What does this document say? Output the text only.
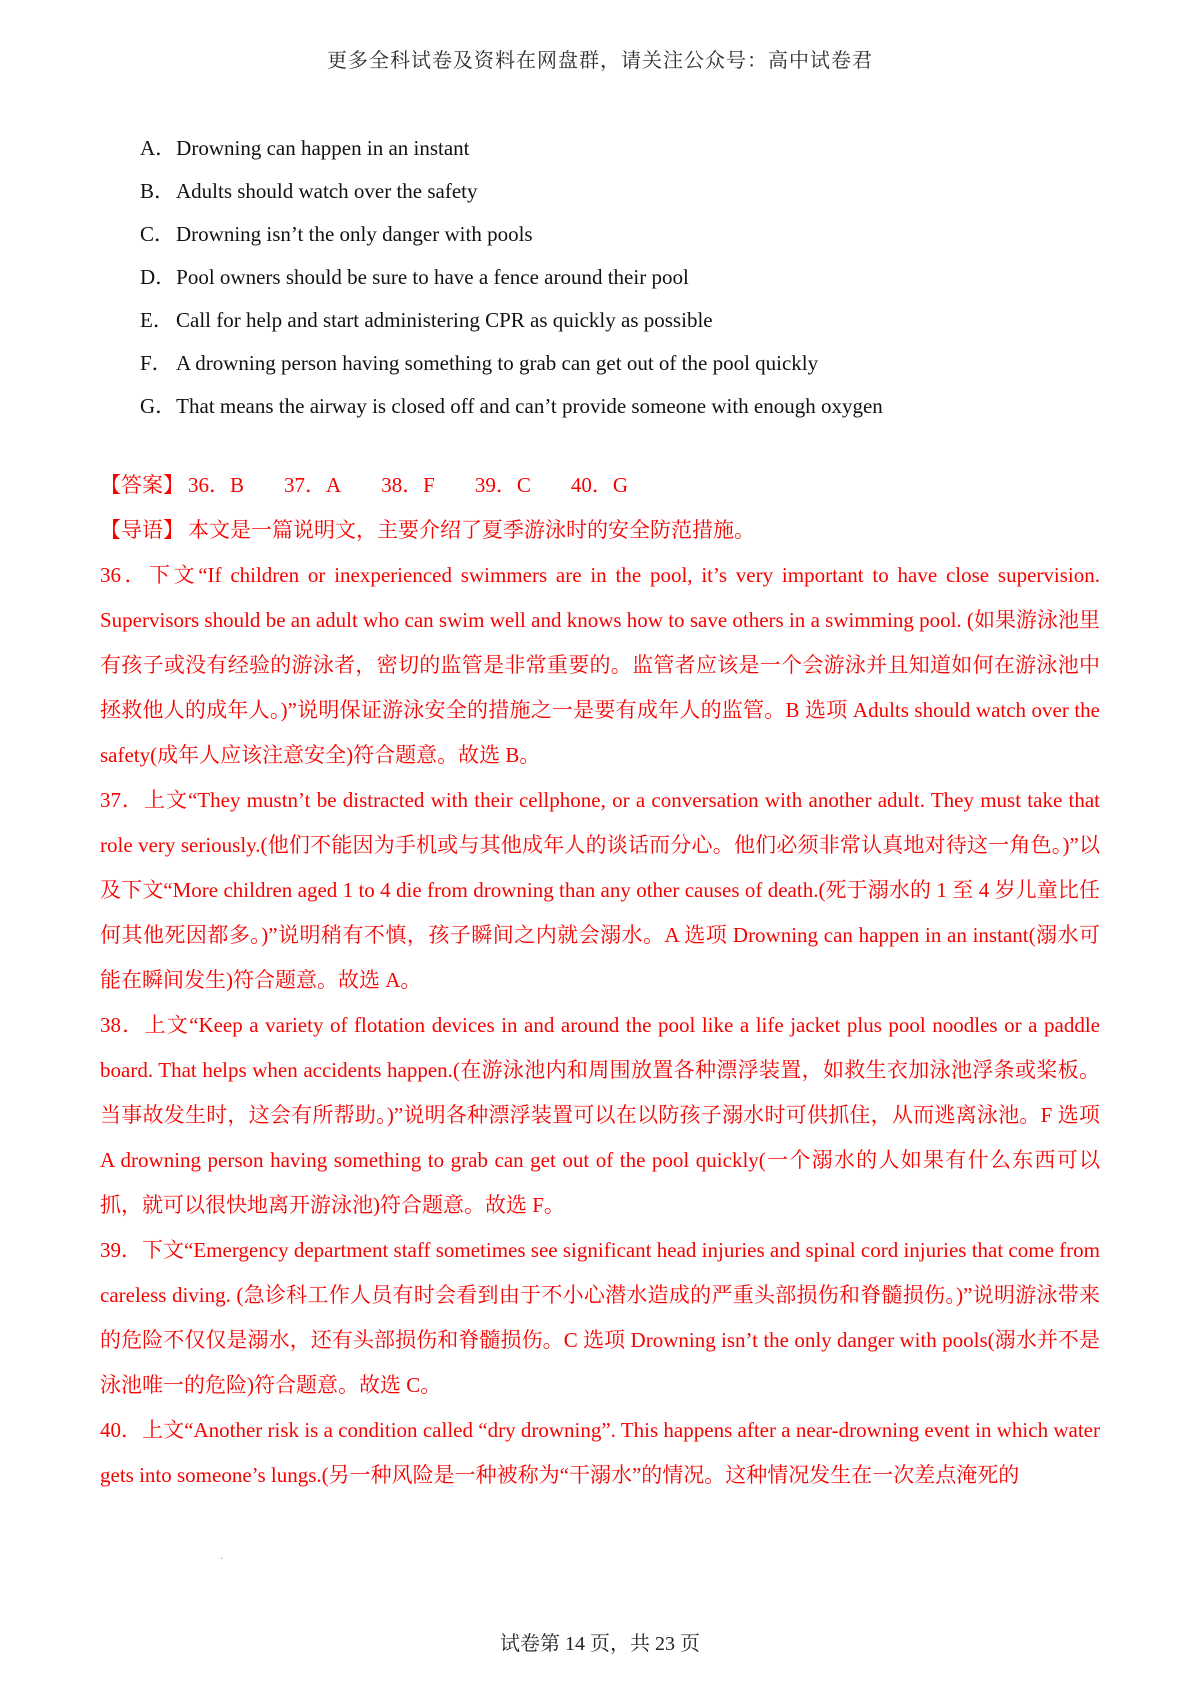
更多全科试卷及资料在网盘群，请关注公众号：高中试卷君
A．Drowning can happen in an instant
B．Adults should watch over the safety
C．Drowning isn’t the only danger with pools
D．Pool owners should be sure to have a fence around their pool
E． Call for help and start administering CPR as quickly as possible
F． A drowning person having something to grab can get out of the pool quickly
G．That means the airway is closed off and can’t provide someone with enough oxygen
【答案】 36．B 37．A 38．F 39．C 40．G
【导语】 本文是一篇说明文，主要介绍了夏季游泳时的安全防范措施。

36．下文“If children or inexperienced swimmers are in the pool, it’s very important to have close supervision. Supervisors should be an adult who can swim well and knows how to save others in a swimming pool. (如果游泳池里有孩子或没有经验的游泳者，密切的监管是非常重要的。监管者应该是一个会游泳并且知道如何在游泳池中拯救他人的成年人。)”说明保证游泳安全的措施之一是要有成年人的监管。B 选项 Adults should watch over the safety(成年人应该注意安全)符合题意。故选 B。

37．上文“They mustn’t be distracted with their cellphone, or a conversation with another adult. They must take that role very seriously.(他们不能因为手机或与其他成年人的谈话而分心。他们必须非常认真地对待这一角色。)”以及下文“More children aged 1 to 4 die from drowning than any other causes of death.(死于溺水的 1 至 4 岁儿童比任何其他死因都多。)”说明稍有不慎，孩子瞬间之内就会溺水。A 选项 Drowning can happen in an instant(溺水可能在瞬间发生)符合题意。故选 A。

38．上文“Keep a variety of flotation devices in and around the pool like a life jacket plus pool noodles or a paddle board. That helps when accidents happen.(在游泳池内和周围放置各种漂浮装置，如救生衣加泳池浮条或桨板。当事故发生时，这会有所帮助。)”说明各种漂浮装置可以在以防孩子溺水时可供抓住，从而逃离泳池。F 选项 A drowning person having something to grab can get out of the pool quickly(一个溺水的人如果有什么东西可以抓，就可以很快地离开游泳池)符合题意。故选 F。

39．下文“Emergency department staff sometimes see significant head injuries and spinal cord injuries that come from careless diving. (急诊科工作人员有时会看到由于不小心潜水造成的严重头部损伤和脊髓损伤。)”说明游泳带来的危险不仅仅是溺水，还有头部损伤和脊髓损伤。C 选项 Drowning isn’t the only danger with pools(溺水并不是泳池唯一的危险)符合题意。故选 C。

40．上文“Another risk is a condition called “dry drowning”. This happens after a near-drowning event in which water gets into someone’s lungs.(另一种风险是一种被称为“干溺水”的情况。这种情况发生在一次差点淹死的

.
试卷第 14 页，共 23 页
